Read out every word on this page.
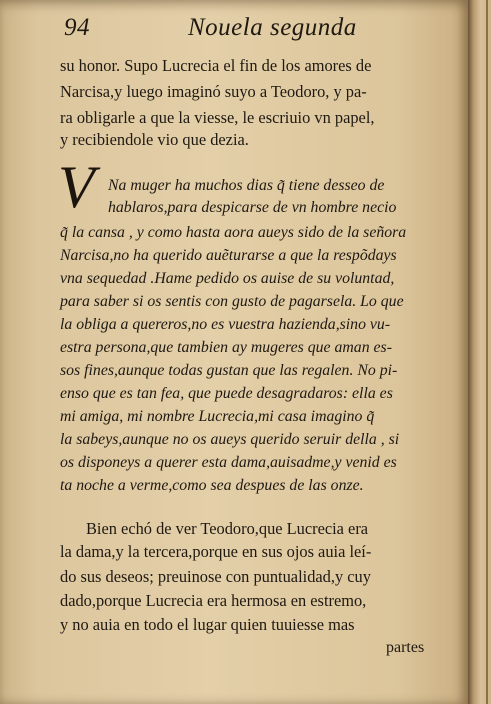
94	Nouela segunda
su honor. Supo Lucrecia el fin de los amores de
Narcisa,y luego imaginó suyo a Teodoro, y pa-
ra obligarle a que la viesse, le escriuio vn papel,
y recibiendole vio que dezia.
V Na muger ha muchos dias q̃ tiene desseo de
hablaros,para despicarse de vn hombre necio
q̃ la cansa , y como hasta aora aueys sido de la señora
Narcisa,no ha querido auẽturarse a que la respõdays
vna sequedad .Hame pedido os auise de su voluntad,
para saber si os sentis con gusto de pagarsela. Lo que
la obliga a quereros,no es vuestra hazienda,sino vu-
estra persona,que tambien ay mugeres que aman es-
sos fines,aunque todas gustan que las regalen. No pi-
enso que es tan fea, que puede desagradaros: ella es
mi amiga, mi nombre Lucrecia,mi casa imagino q̃
la sabeys,aunque no os aueys querido seruir della , si
os disponeys a querer esta dama,auisadme,y venid es
ta noche a verme,como sea despues de las onze.
Bien echó de ver Teodoro,que Lucrecia era
la dama,y la tercera,porque en sus ojos auia leí-
do sus deseos; preuinose con puntualidad,y cuy
dado,porque Lucrecia era hermosa en estremo,
y no auia en todo el lugar quien tuuiesse mas
partes
